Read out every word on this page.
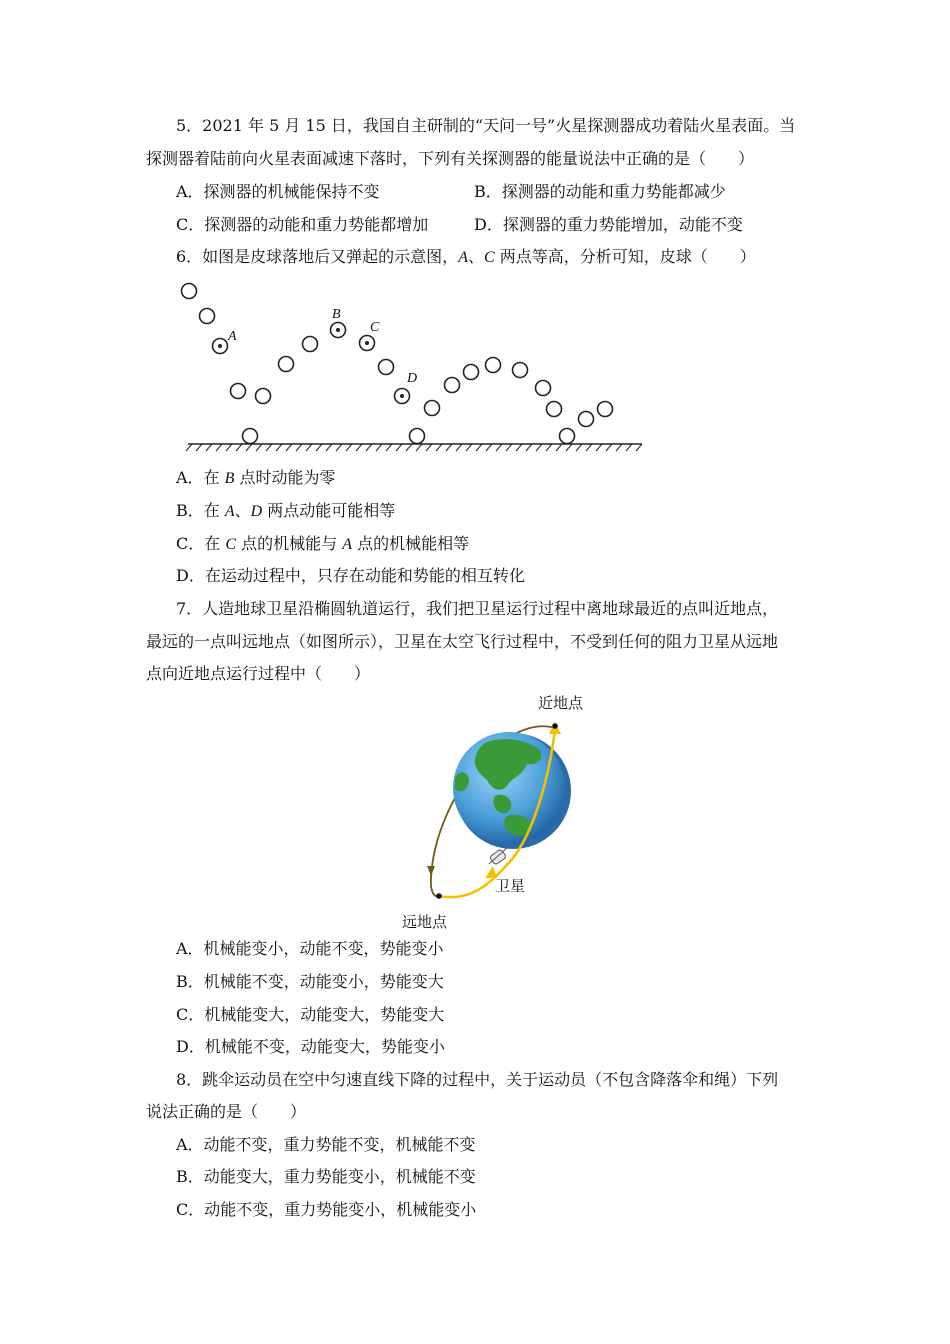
5．2021 年 5 月 15 日，我国自主研制的“天问一号”火星探测器成功着陆火星表面。当
探测器着陆前向火星表面减速下落时，下列有关探测器的能量说法中正确的是（　　）
A．探测器的机械能保持不变	B．探测器的动能和重力势能都减少
C．探测器的动能和重力势能都增加	D．探测器的重力势能增加，动能不变
6．如图是皮球落地后又弹起的示意图，A、C 两点等高，分析可知，皮球（　　）
A
B
C
D
A．在 B 点时动能为零
B．在 A、D 两点动能可能相等
C．在 C 点的机械能与 A 点的机械能相等
D．在运动过程中，只存在动能和势能的相互转化
7．人造地球卫星沿椭圆轨道运行，我们把卫星运行过程中离地球最近的点叫近地点，
最远的一点叫远地点（如图所示），卫星在太空飞行过程中，不受到任何的阻力卫星从远地
点向近地点运行过程中（　　）
近地点
卫星
远地点
A．机械能变小，动能不变，势能变小
B．机械能不变，动能变小，势能变大
C．机械能变大，动能变大，势能变大
D．机械能不变，动能变大，势能变小
8．跳伞运动员在空中匀速直线下降的过程中，关于运动员（不包含降落伞和绳）下列
说法正确的是（　　）
A．动能不变，重力势能不变，机械能不变
B．动能变大，重力势能变小，机械能不变
C．动能不变，重力势能变小，机械能变小
